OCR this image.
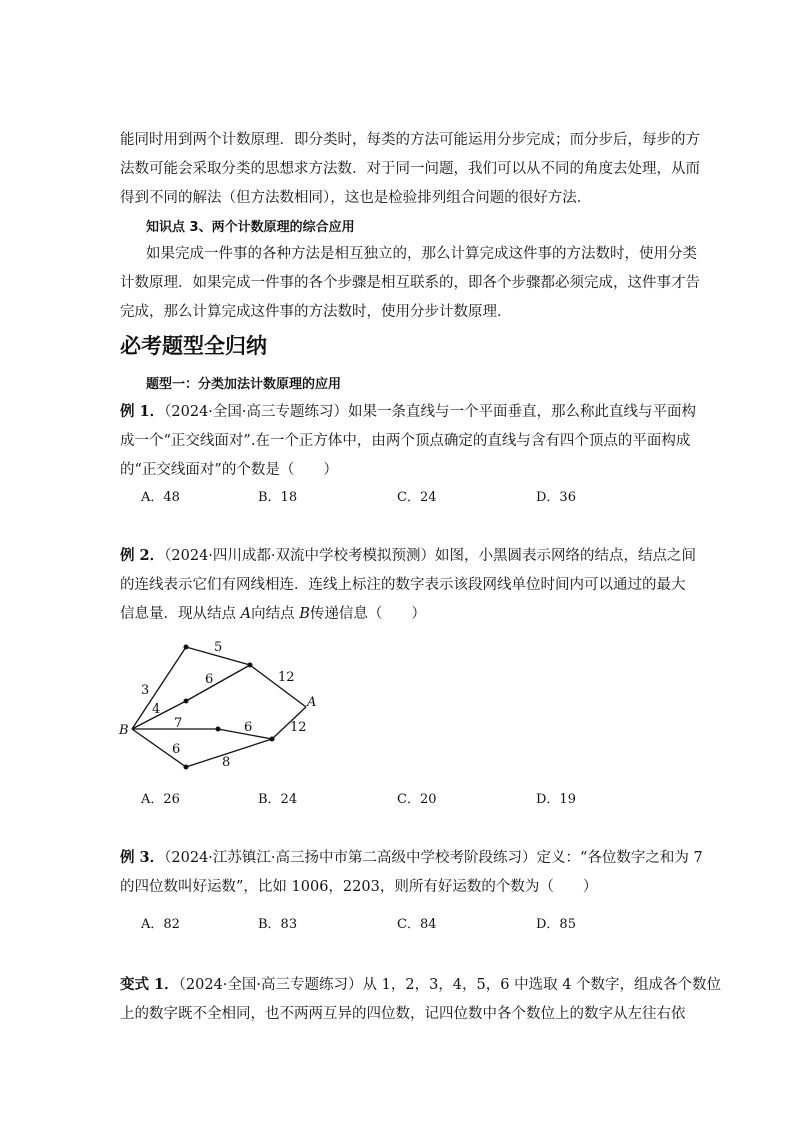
能同时用到两个计数原理．即分类时，每类的方法可能运用分步完成；而分步后，每步的方
法数可能会采取分类的思想求方法数．对于同一问题，我们可以从不同的角度去处理，从而
得到不同的解法（但方法数相同），这也是检验排列组合问题的很好方法．
知识点 3、两个计数原理的综合应用
如果完成一件事的各种方法是相互独立的，那么计算完成这件事的方法数时，使用分类
计数原理．如果完成一件事的各个步骤是相互联系的，即各个步骤都必须完成，这件事才告
完成，那么计算完成这件事的方法数时，使用分步计数原理．
必考题型全归纳
题型一：分类加法计数原理的应用
例 1．（2024·全国·高三专题练习）如果一条直线与一个平面垂直，那么称此直线与平面构
成一个“正交线面对”.在一个正方体中，由两个顶点确定的直线与含有四个顶点的平面构成
的“正交线面对”的个数是（　　）
A．48	B．18	C．24	D．36
例 2．（2024·四川成都·双流中学校考模拟预测）如图，小黑圆表示网络的结点，结点之间
的连线表示它们有网线相连．连线上标注的数字表示该段网线单位时间内可以通过的最大
信息量．现从结点 A向结点 B传递信息（　　）
5
12
3
6
4
7	6	12
6
8
A
B
A．26	B．24	C．20	D．19
例 3．（2024·江苏镇江·高三扬中市第二高级中学校考阶段练习）定义：“各位数字之和为 7
的四位数叫好运数”，比如 1006，2203，则所有好运数的个数为（　　）
A．82	B．83	C．84	D．85
变式 1．（2024·全国·高三专题练习）从 1，2，3，4，5，6 中选取 4 个数字，组成各个数位
上的数字既不全相同，也不两两互异的四位数，记四位数中各个数位上的数字从左往右依
